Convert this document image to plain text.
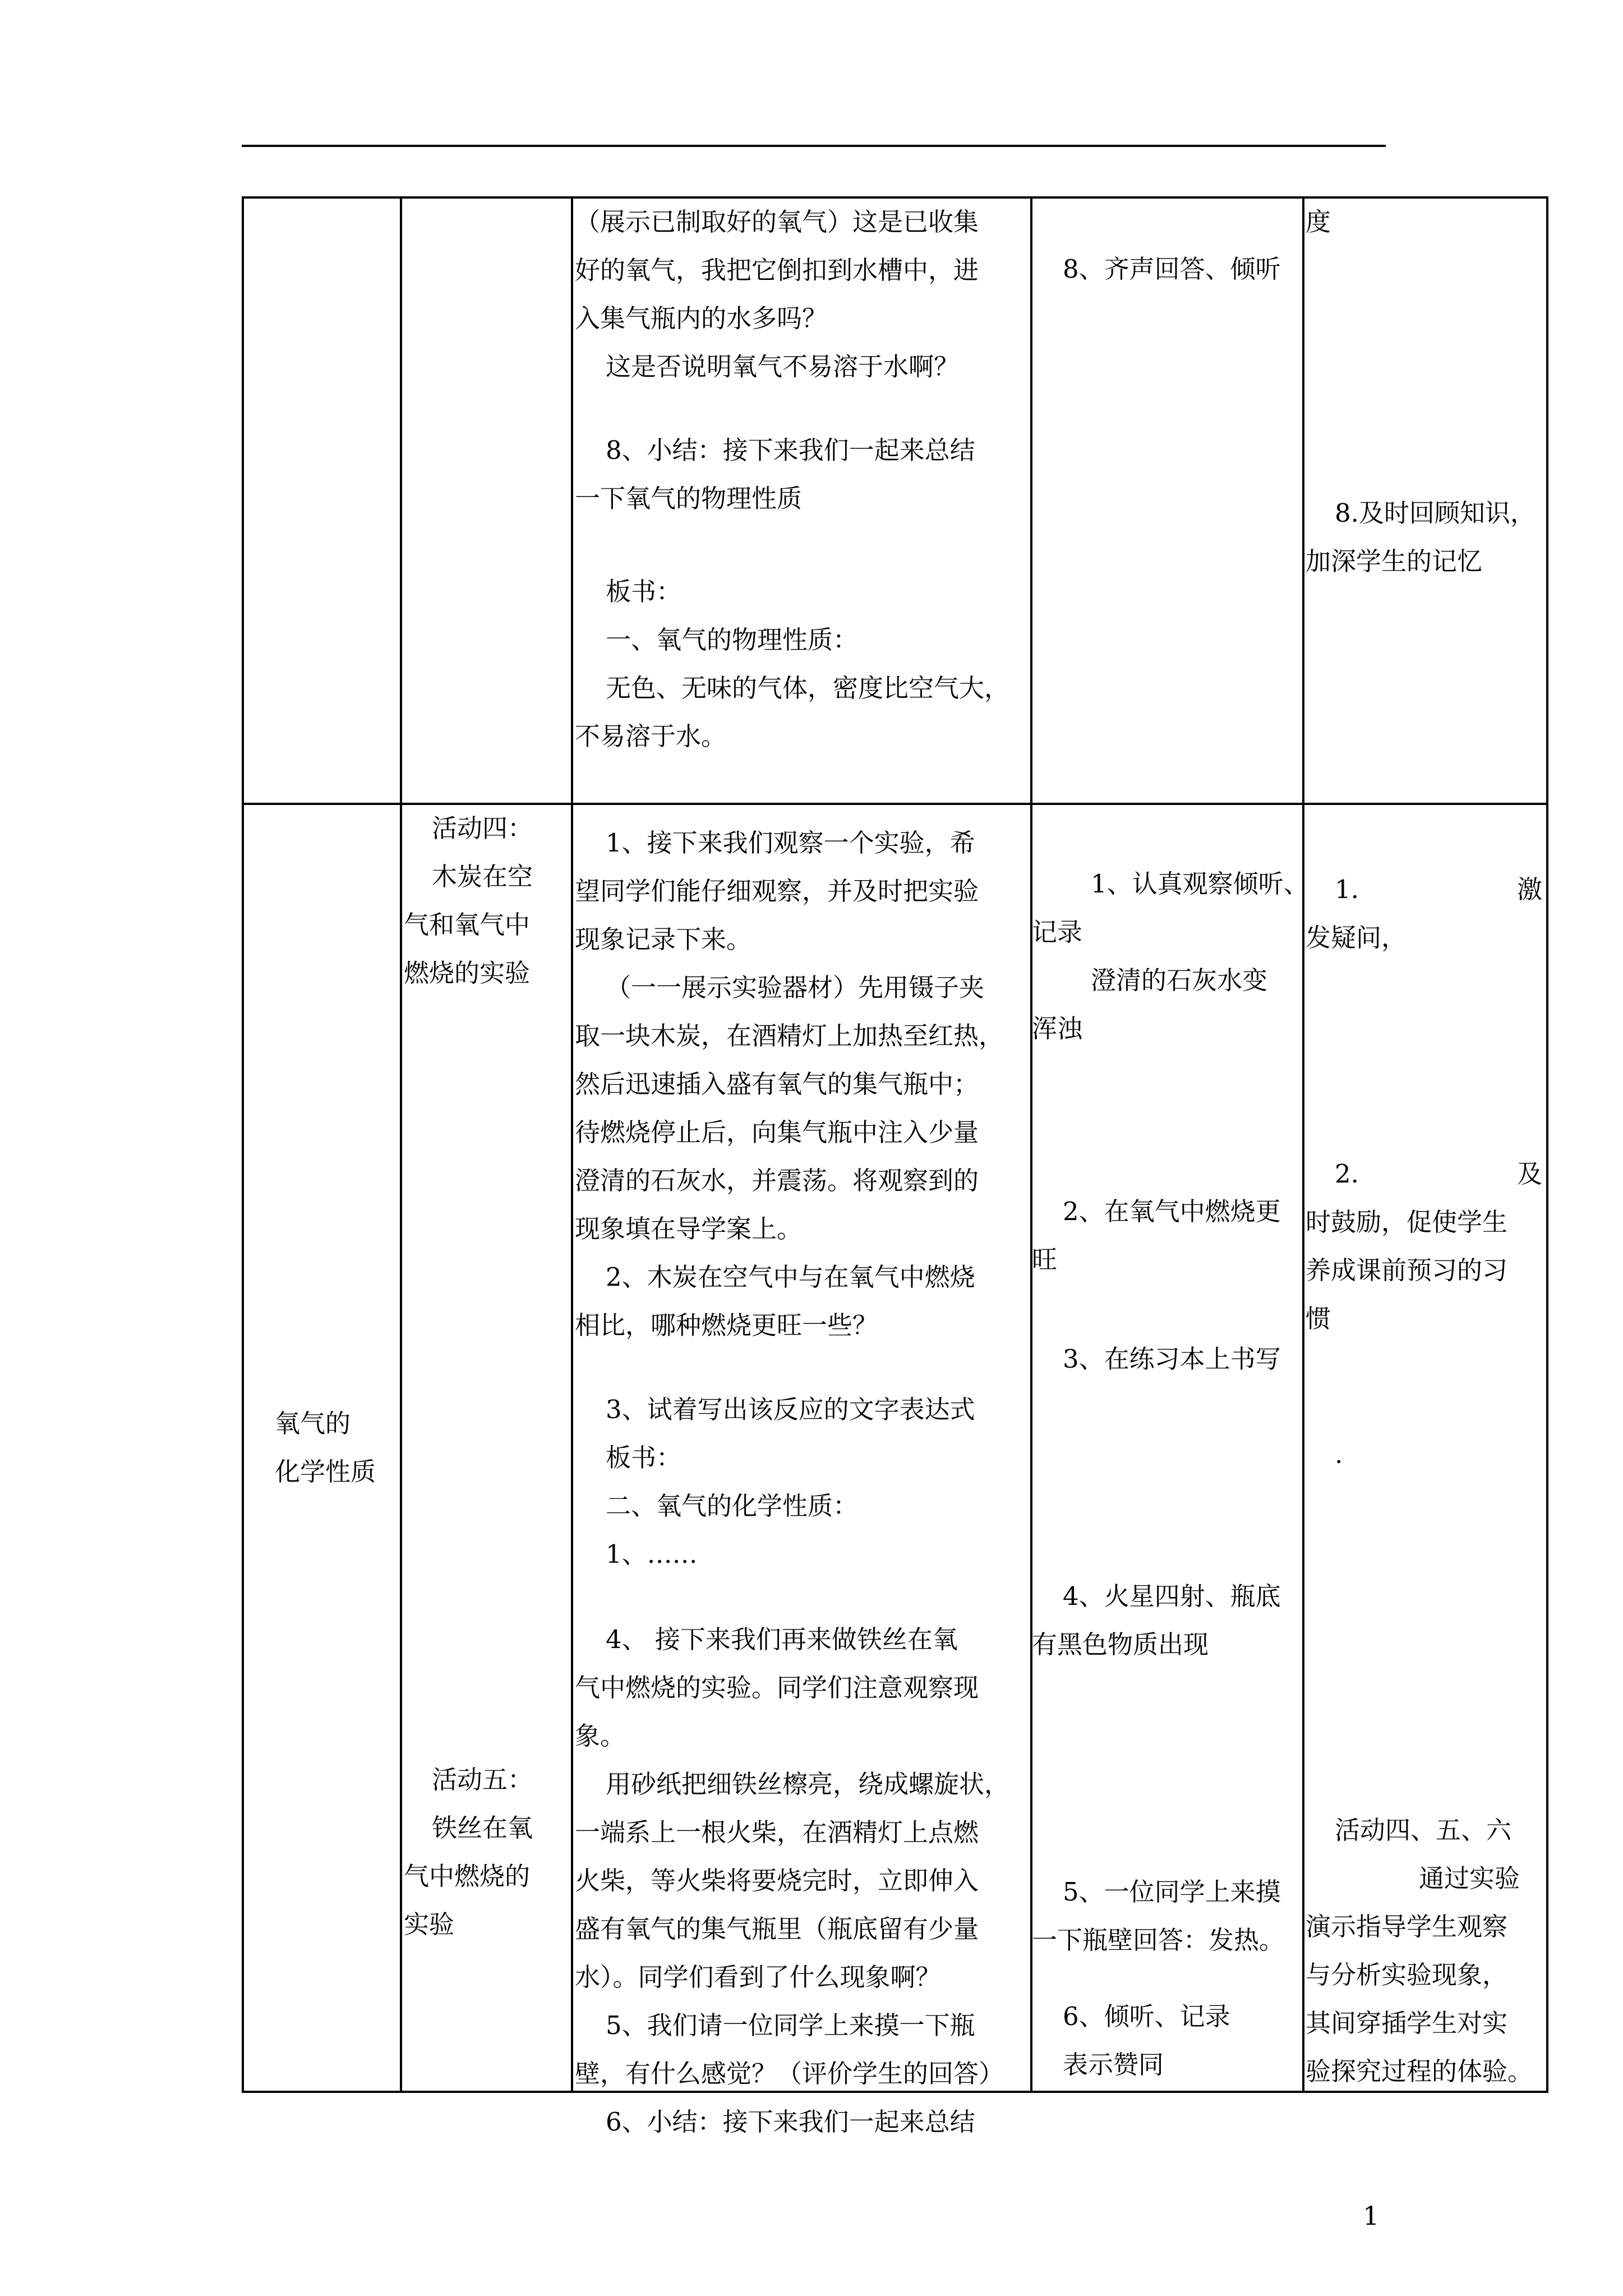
（展示已制取好的氧气）这是已收集
好的氧气，我把它倒扣到水槽中，进
入集气瓶内的水多吗？
这是否说明氧气不易溶于水啊？
8、小结：接下来我们一起来总结
一下氧气的物理性质
板书：
一、氧气的物理性质：
无色、无味的气体，密度比空气大，
不易溶于水。
8、齐声回答、倾听
度
8.及时回顾知识，
加深学生的记忆
氧气的
化学性质
活动四：
木炭在空
气和氧气中
燃烧的实验
活动五：
铁丝在氧
气中燃烧的
实验
1、接下来我们观察一个实验，希
望同学们能仔细观察，并及时把实验
现象记录下来。
（一一展示实验器材）先用镊子夹
取一块木炭，在酒精灯上加热至红热，
然后迅速插入盛有氧气的集气瓶中；
待燃烧停止后，向集气瓶中注入少量
澄清的石灰水，并震荡。将观察到的
现象填在导学案上。
2、木炭在空气中与在氧气中燃烧
相比，哪种燃烧更旺一些？
3、试着写出该反应的文字表达式
板书：
二、氧气的化学性质：
1、……
4、 接下来我们再来做铁丝在氧
气中燃烧的实验。同学们注意观察现
象。
用砂纸把细铁丝檫亮，绕成螺旋状，
一端系上一根火柴，在酒精灯上点燃
火柴，等火柴将要烧完时，立即伸入
盛有氧气的集气瓶里（瓶底留有少量
水）。同学们看到了什么现象啊？
5、我们请一位同学上来摸一下瓶
壁，有什么感觉？（评价学生的回答）
6、小结：接下来我们一起来总结
1、认真观察倾听、
记录
澄清的石灰水变
浑浊
2、在氧气中燃烧更
旺
3、在练习本上书写
4、火星四射、瓶底
有黑色物质出现
5、一位同学上来摸
一下瓶壁回答：发热。
6、倾听、记录
表示赞同
1.	激
发疑问，
2.	及
时鼓励，促使学生
养成课前预习的习
惯
.
活动四、五、六
通过实验
演示指导学生观察
与分析实验现象，
其间穿插学生对实
验探究过程的体验。
1
